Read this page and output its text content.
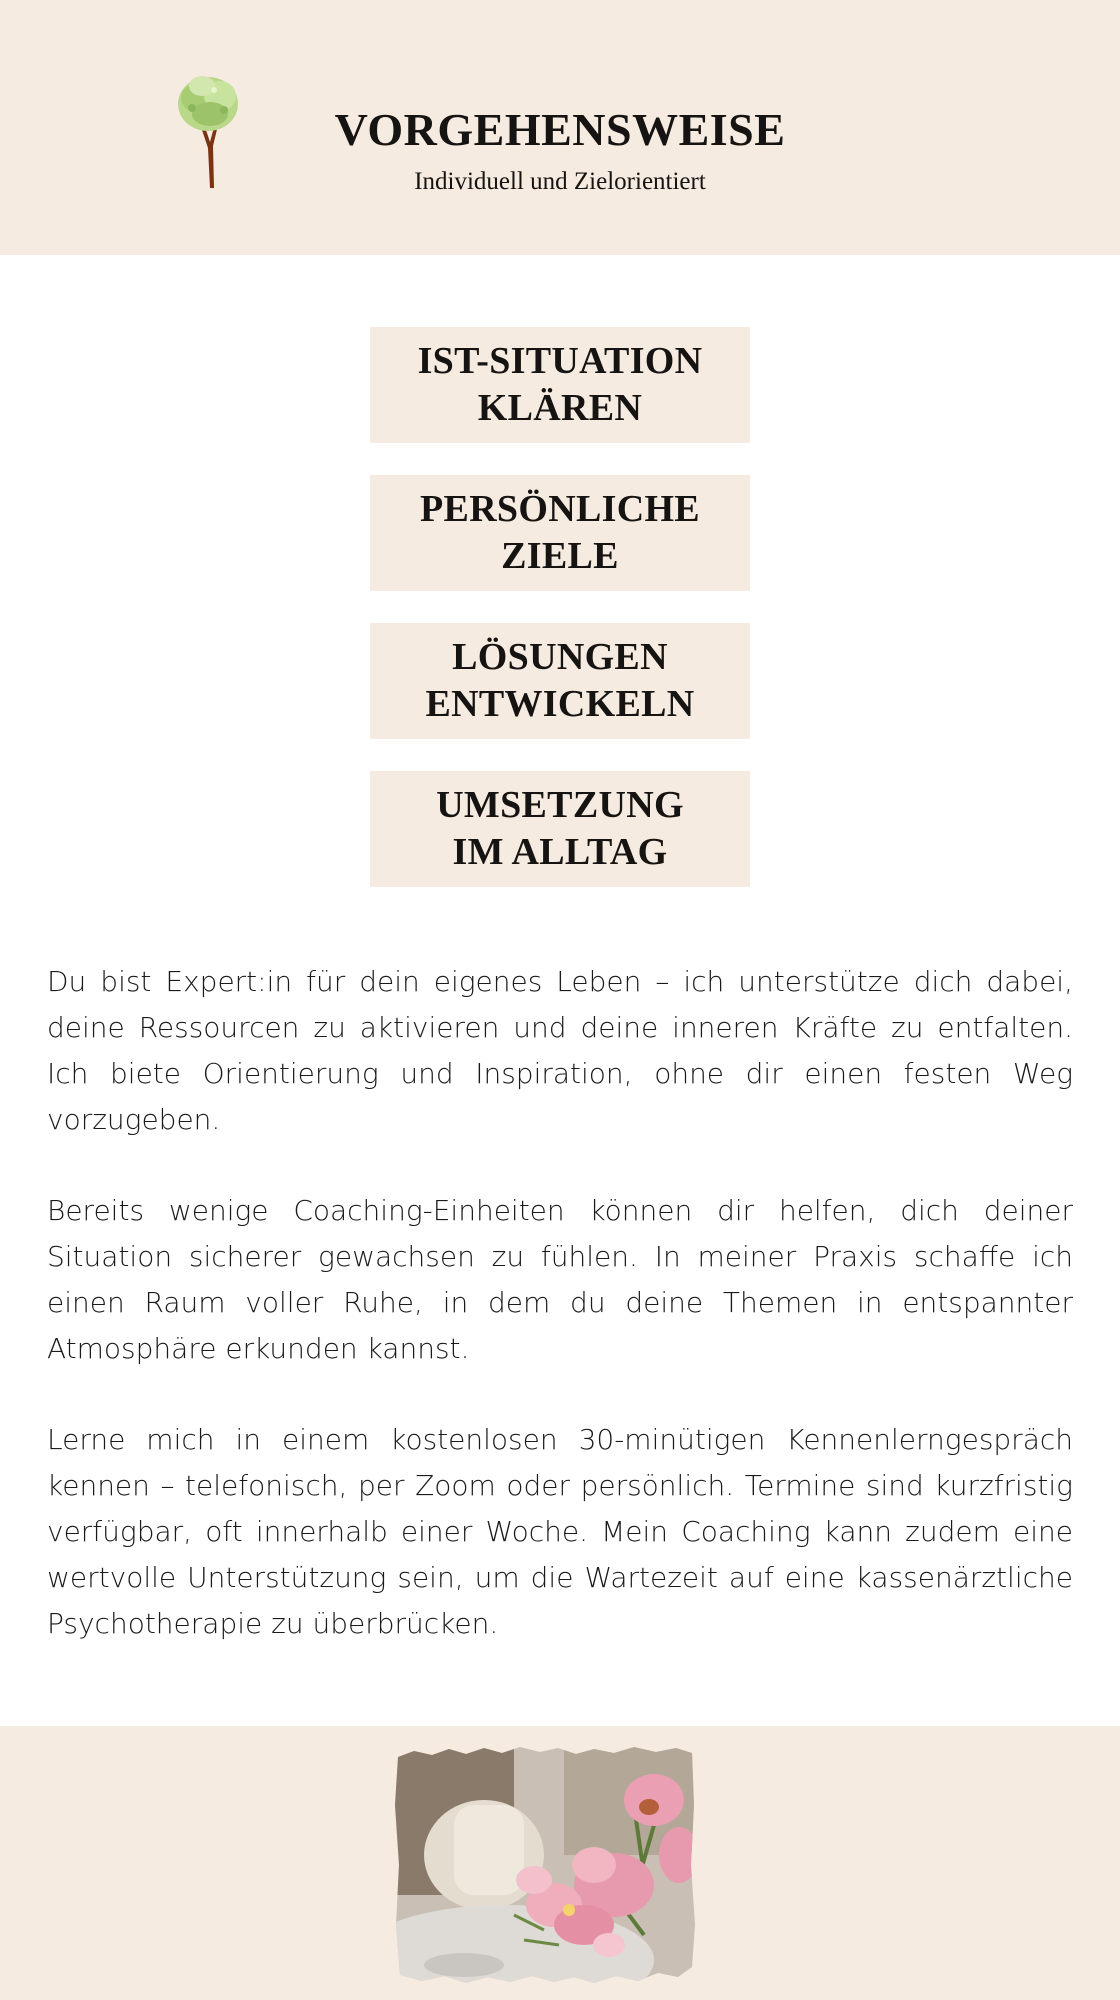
VORGEHENSWEISE
Individuell und Zielorientiert
IST-SITUATION
KLÄREN
PERSÖNLICHE
ZIELE
LÖSUNGEN
ENTWICKELN
UMSETZUNG
IM ALLTAG

Du bist Expert:in für dein eigenes Leben – ich unterstütze dich dabei, deine Ressourcen zu aktivieren und deine inneren Kräfte zu entfalten. Ich biete Orientierung und Inspiration, ohne dir einen festen Weg vorzugeben.

Bereits wenige Coaching-Einheiten können dir helfen, dich deiner Situation sicherer gewachsen zu fühlen. In meiner Praxis schaffe ich einen Raum voller Ruhe, in dem du deine Themen in entspannter Atmosphäre erkunden kannst.

Lerne mich in einem kostenlosen 30-minütigen Kennenlerngespräch kennen – telefonisch, per Zoom oder persönlich. Termine sind kurzfristig verfügbar, oft innerhalb einer Woche. Mein Coaching kann zudem eine wertvolle Unterstützung sein, um die Wartezeit auf eine kassenärztliche Psychotherapie zu überbrücken.
